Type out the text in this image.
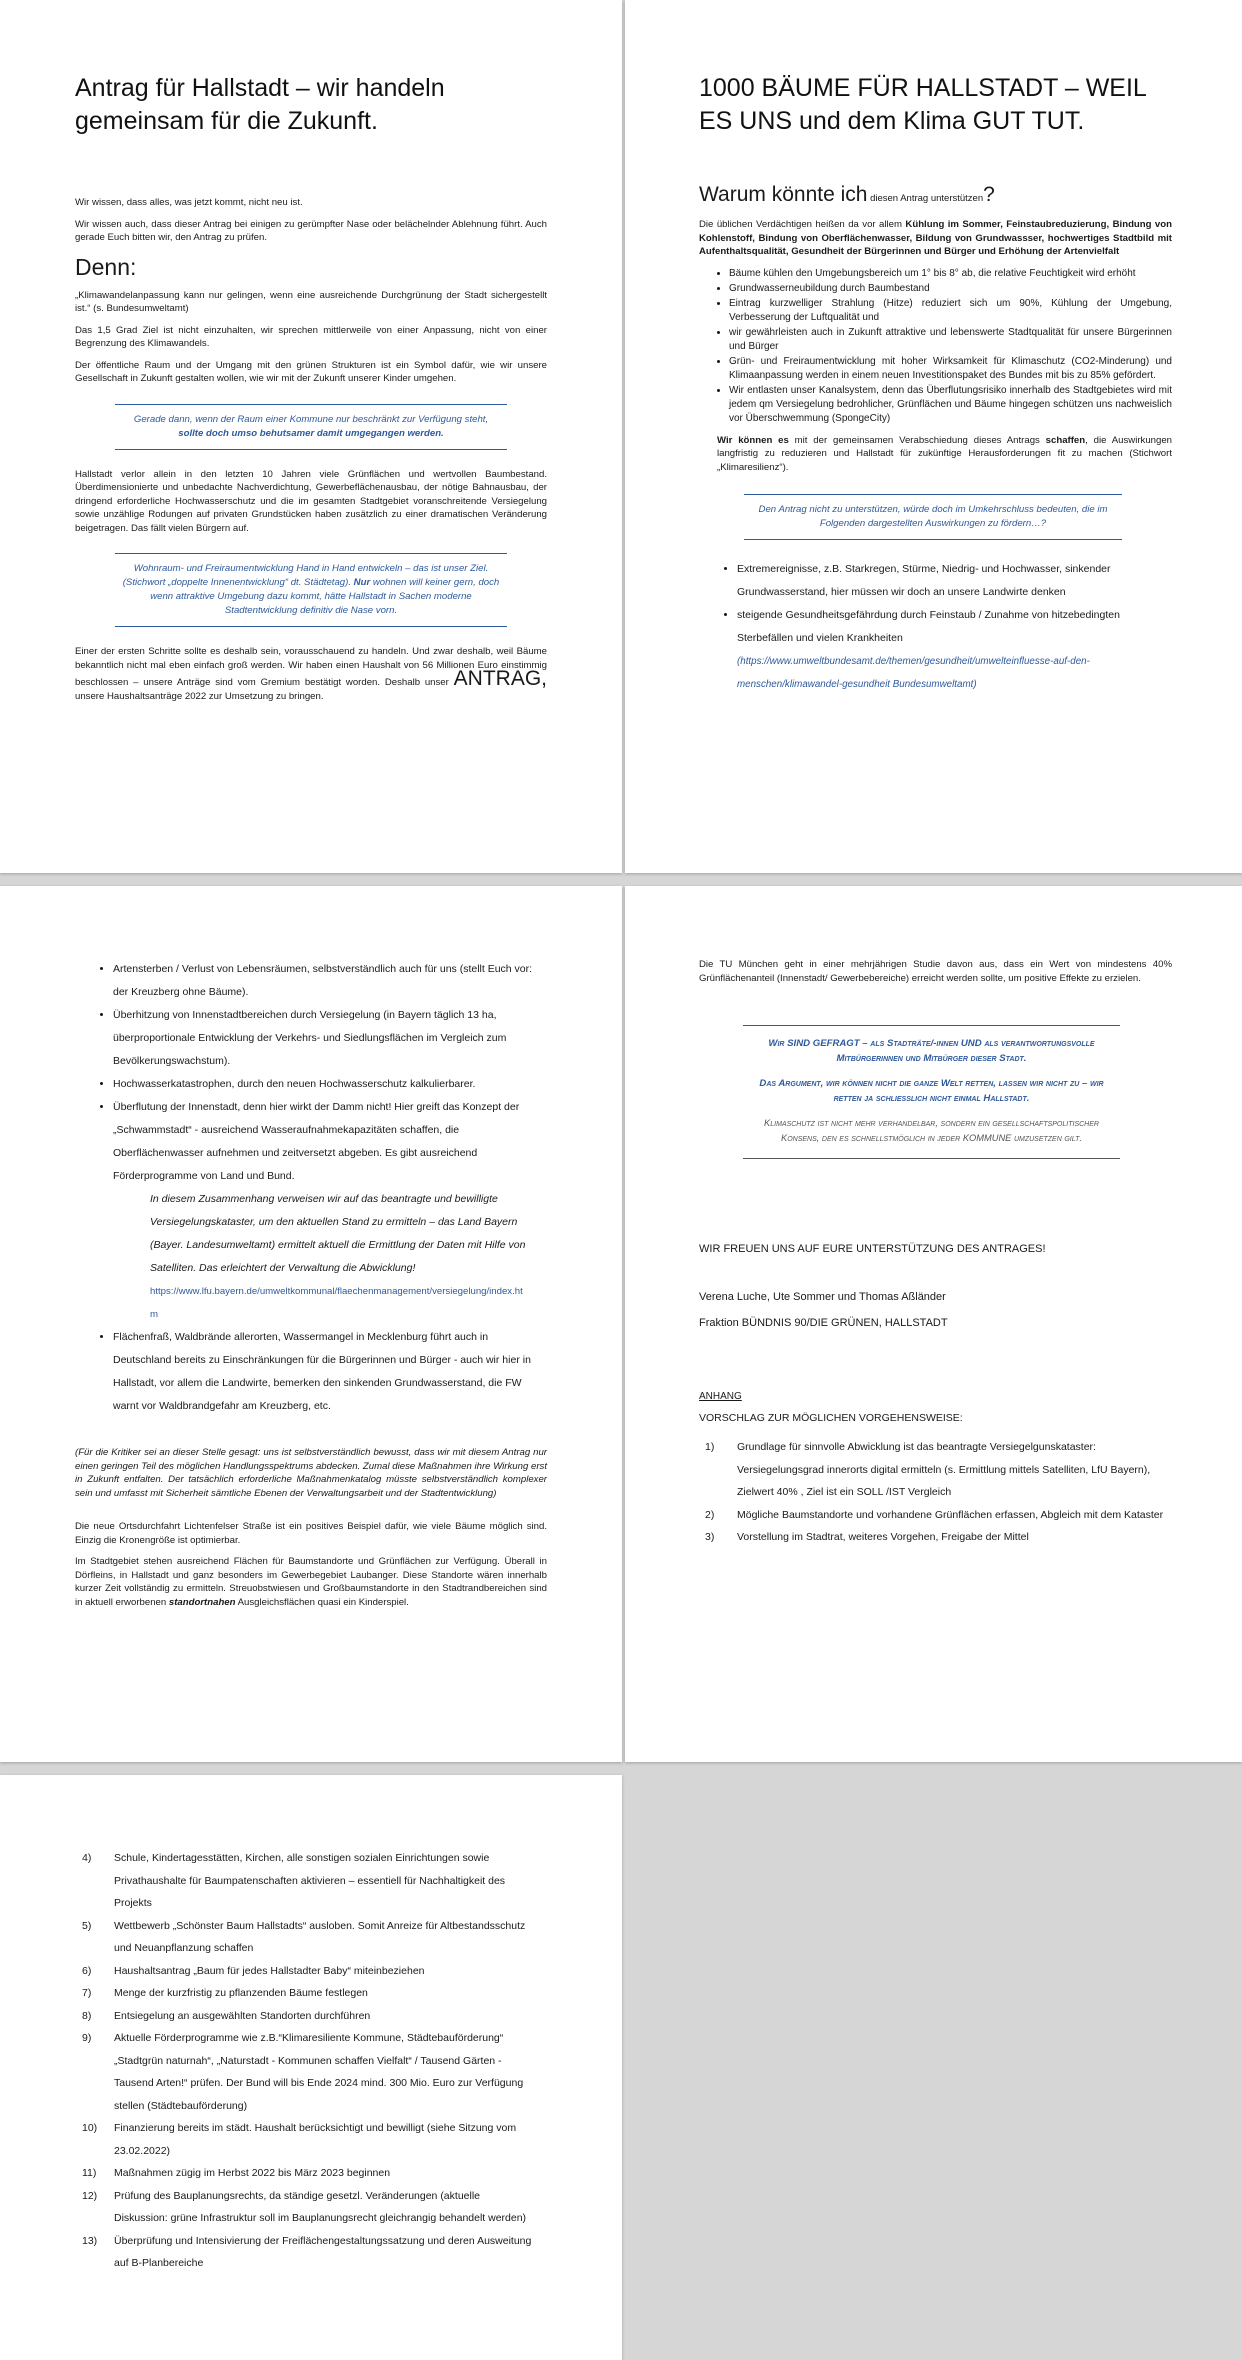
Antrag für Hallstadt – wir handeln gemeinsam für die Zukunft.

Wir wissen, dass alles, was jetzt kommt, nicht neu ist.

Wir wissen auch, dass dieser Antrag bei einigen zu gerümpfter Nase oder belächelnder Ablehnung führt. Auch gerade Euch bitten wir, den Antrag zu prüfen.

Denn:

„Klimawandelanpassung kann nur gelingen, wenn eine ausreichende Durchgrünung der Stadt sichergestellt ist.“ (s. Bundesumweltamt)

Das 1,5 Grad Ziel ist nicht einzuhalten, wir sprechen mittlerweile von einer Anpassung, nicht von einer Begrenzung des Klimawandels.

Der öffentliche Raum und der Umgang mit den grünen Strukturen ist ein Symbol dafür, wie wir unsere Gesellschaft in Zukunft gestalten wollen, wie wir mit der Zukunft unserer Kinder umgehen.

Gerade dann, wenn der Raum einer Kommune nur beschränkt zur Verfügung steht, sollte doch umso behutsamer damit umgegangen werden.

Hallstadt verlor allein in den letzten 10 Jahren viele Grünflächen und wertvollen Baumbestand. Überdimensionierte und unbedachte Nachverdichtung, Gewerbeflächenausbau, der nötige Bahnausbau, der dringend erforderliche Hochwasserschutz und die im gesamten Stadtgebiet voranschreitende Versiegelung sowie unzählige Rodungen auf privaten Grundstücken haben zusätzlich zu einer dramatischen Veränderung beigetragen. Das fällt vielen Bürgern auf.

Wohnraum- und Freiraumentwicklung Hand in Hand entwickeln – das ist unser Ziel. (Stichwort „doppelte Innenentwicklung“ dt. Städtetag). Nur wohnen will keiner gern, doch wenn attraktive Umgebung dazu kommt, hätte Hallstadt in Sachen moderne Stadtentwicklung definitiv die Nase vorn.

Einer der ersten Schritte sollte es deshalb sein, vorausschauend zu handeln. Und zwar deshalb, weil Bäume bekanntlich nicht mal eben einfach groß werden. Wir haben einen Haushalt von 56 Millionen Euro einstimmig beschlossen – unsere Anträge sind vom Gremium bestätigt worden. Deshalb unser ANTRAG, unsere Haushaltsanträge 2022 zur Umsetzung zu bringen.

1000 BÄUME FÜR HALLSTADT – WEIL ES UNS und dem Klima GUT TUT.
Warum könnte ich diesen Antrag unterstützen?

Die üblichen Verdächtigen heißen da vor allem Kühlung im Sommer, Feinstaubreduzierung, Bindung von Kohlenstoff, Bindung von Oberflächenwasser, Bildung von Grundwassser, hochwertiges Stadtbild mit Aufenthaltsqualität, Gesundheit der Bürgerinnen und Bürger und Erhöhung der Artenvielfalt

• Bäume kühlen den Umgebungsbereich um 1° bis 8° ab, die relative Feuchtigkeit wird erhöht
• Grundwasserneubildung durch Baumbestand
• Eintrag kurzwelliger Strahlung (Hitze) reduziert sich um 90%, Kühlung der Umgebung, Verbesserung der Luftqualität und
• wir gewährleisten auch in Zukunft attraktive und lebenswerte Stadtqualität für unsere Bürgerinnen und Bürger
• Grün- und Freiraumentwicklung mit hoher Wirksamkeit für Klimaschutz (CO2-Minderung) und Klimaanpassung werden in einem neuen Investitionspaket des Bundes mit bis zu 85% gefördert.
• Wir entlasten unser Kanalsystem, denn das Überflutungsrisiko innerhalb des Stadtgebietes wird mit jedem qm Versiegelung bedrohlicher, Grünflächen und Bäume hingegen schützen uns nachweislich vor Überschwemmung (SpongeCity)

Wir können es mit der gemeinsamen Verabschiedung dieses Antrags schaffen, die Auswirkungen langfristig zu reduzieren und Hallstadt für zukünftige Herausforderungen fit zu machen (Stichwort „Klimaresilienz“).

Den Antrag nicht zu unterstützen, würde doch im Umkehrschluss bedeuten, die im Folgenden dargestellten Auswirkungen zu fördern…?
• Extremereignisse, z.B. Starkregen, Stürme, Niedrig- und Hochwasser, sinkender Grundwasserstand, hier müssen wir doch an unsere Landwirte denken
• steigende Gesundheitsgefährdung durch Feinstaub / Zunahme von hitzebedingten Sterbefällen und vielen Krankheiten

(https://www.umweltbundesamt.de/themen/gesundheit/umwelteinfluesse-auf-den-menschen/klimawandel-gesundheit Bundesumweltamt)

• Artensterben / Verlust von Lebensräumen, selbstverständlich auch für uns (stellt Euch vor: der Kreuzberg ohne Bäume).
• Überhitzung von Innenstadtbereichen durch Versiegelung (in Bayern täglich 13 ha, überproportionale Entwicklung der Verkehrs- und Siedlungsflächen im Vergleich zum Bevölkerungswachstum).
• Hochwasserkatastrophen, durch den neuen Hochwasserschutz kalkulierbarer.
• Überflutung der Innenstadt, denn hier wirkt der Damm nicht! Hier greift das Konzept der „Schwammstadt“ - ausreichend Wasseraufnahmekapazitäten schaffen, die Oberflächenwasser aufnehmen und zeitversetzt abgeben. Es gibt ausreichend Förderprogramme von Land und Bund.

In diesem Zusammenhang verweisen wir auf das beantragte und bewilligte Versiegelungskataster, um den aktuellen Stand zu ermitteln – das Land Bayern (Bayer. Landesumweltamt) ermittelt aktuell die Ermittlung der Daten mit Hilfe von Satelliten. Das erleichtert der Verwaltung die Abwicklung!

https://www.lfu.bayern.de/umweltkommunal/flaechenmanagement/versiegelung/index.htm

• Flächenfraß, Waldbrände allerorten, Wassermangel in Mecklenburg führt auch in Deutschland bereits zu Einschränkungen für die Bürgerinnen und Bürger - auch wir hier in Hallstadt, vor allem die Landwirte, bemerken den sinkenden Grundwasserstand, die FW warnt vor Waldbrandgefahr am Kreuzberg, etc.

(Für die Kritiker sei an dieser Stelle gesagt: uns ist selbstverständlich bewusst, dass wir mit diesem Antrag nur einen geringen Teil des möglichen Handlungsspektrums abdecken. Zumal diese Maßnahmen ihre Wirkung erst in Zukunft entfalten. Der tatsächlich erforderliche Maßnahmenkatalog müsste selbstverständlich komplexer sein und umfasst mit Sicherheit sämtliche Ebenen der Verwaltungsarbeit und der Stadtentwicklung)

Die neue Ortsdurchfahrt Lichtenfelser Straße ist ein positives Beispiel dafür, wie viele Bäume möglich sind. Einzig die Kronengröße ist optimierbar.

Im Stadtgebiet stehen ausreichend Flächen für Baumstandorte und Grünflächen zur Verfügung. Überall in Dörfleins, in Hallstadt und ganz besonders im Gewerbegebiet Laubanger. Diese Standorte wären innerhalb kurzer Zeit vollständig zu ermitteln. Streuobstwiesen und Großbaumstandorte in den Stadtrandbereichen sind in aktuell erworbenen standortnahen Ausgleichsflächen quasi ein Kinderspiel.

Die TU München geht in einer mehrjährigen Studie davon aus, dass ein Wert von mindestens 40% Grünflächenanteil (Innenstadt/ Gewerbebereiche) erreicht werden sollte, um positive Effekte zu erzielen.

Wir SIND GEFRAGT – als Stadträte/-innen UND als verantwortungsvolle Mitbürgerinnen und Mitbürger dieser Stadt.

Das Argument, wir können nicht die ganze Welt retten, lassen wir nicht zu – wir retten ja schliesslich nicht einmal Hallstadt.

Klimaschutz ist nicht mehr verhandelbar, sondern ein gesellschaftspolitischer Konsens, den es schnellstmöglich in jeder KOMMUNE umzusetzen gilt.

WIR FREUEN UNS AUF EURE UNTERSTÜTZUNG DES ANTRAGES!

Verena Luche, Ute Sommer und Thomas Aßländer

Fraktion BÜNDNIS 90/DIE GRÜNEN, HALLSTADT

ANHANG

VORSCHLAG ZUR MÖGLICHEN VORGEHENSWEISE:

1) Grundlage für sinnvolle Abwicklung ist das beantragte Versiegelgunskataster: Versiegelungsgrad innerorts digital ermitteln (s. Ermittlung mittels Satelliten, LfU Bayern), Zielwert 40% , Ziel ist ein SOLL /IST Vergleich
2) Mögliche Baumstandorte und vorhandene Grünflächen erfassen, Abgleich mit dem Kataster
3) Vorstellung im Stadtrat, weiteres Vorgehen, Freigabe der Mittel
4) Schule, Kindertagesstätten, Kirchen, alle sonstigen sozialen Einrichtungen sowie Privathaushalte für Baumpatenschaften aktivieren – essentiell für Nachhaltigkeit des Projekts
5) Wettbewerb „Schönster Baum Hallstadts“ ausloben. Somit Anreize für Altbestandsschutz und Neuanpflanzung schaffen
6) Haushaltsantrag „Baum für jedes Hallstadter Baby“ miteinbeziehen
7) Menge der kurzfristig zu pflanzenden Bäume festlegen
8) Entsiegelung an ausgewählten Standorten durchführen
9) Aktuelle Förderprogramme wie z.B.“Klimaresiliente Kommune, Städtebauförderung“ „Stadtgrün naturnah“, „Naturstadt - Kommunen schaffen Vielfalt“ / Tausend Gärten - Tausend Arten!“ prüfen. Der Bund will bis Ende 2024 mind. 300 Mio. Euro zur Verfügung stellen (Städtebauförderung)
10) Finanzierung bereits im städt. Haushalt berücksichtigt und bewilligt (siehe Sitzung vom 23.02.2022)
11) Maßnahmen zügig im Herbst 2022 bis März 2023 beginnen
12) Prüfung des Bauplanungsrechts, da ständige gesetzl. Veränderungen (aktuelle Diskussion: grüne Infrastruktur soll im Bauplanungsrecht gleichrangig behandelt werden)
13) Überprüfung und Intensivierung der Freiflächengestaltungssatzung und deren Ausweitung auf B-Planbereiche
